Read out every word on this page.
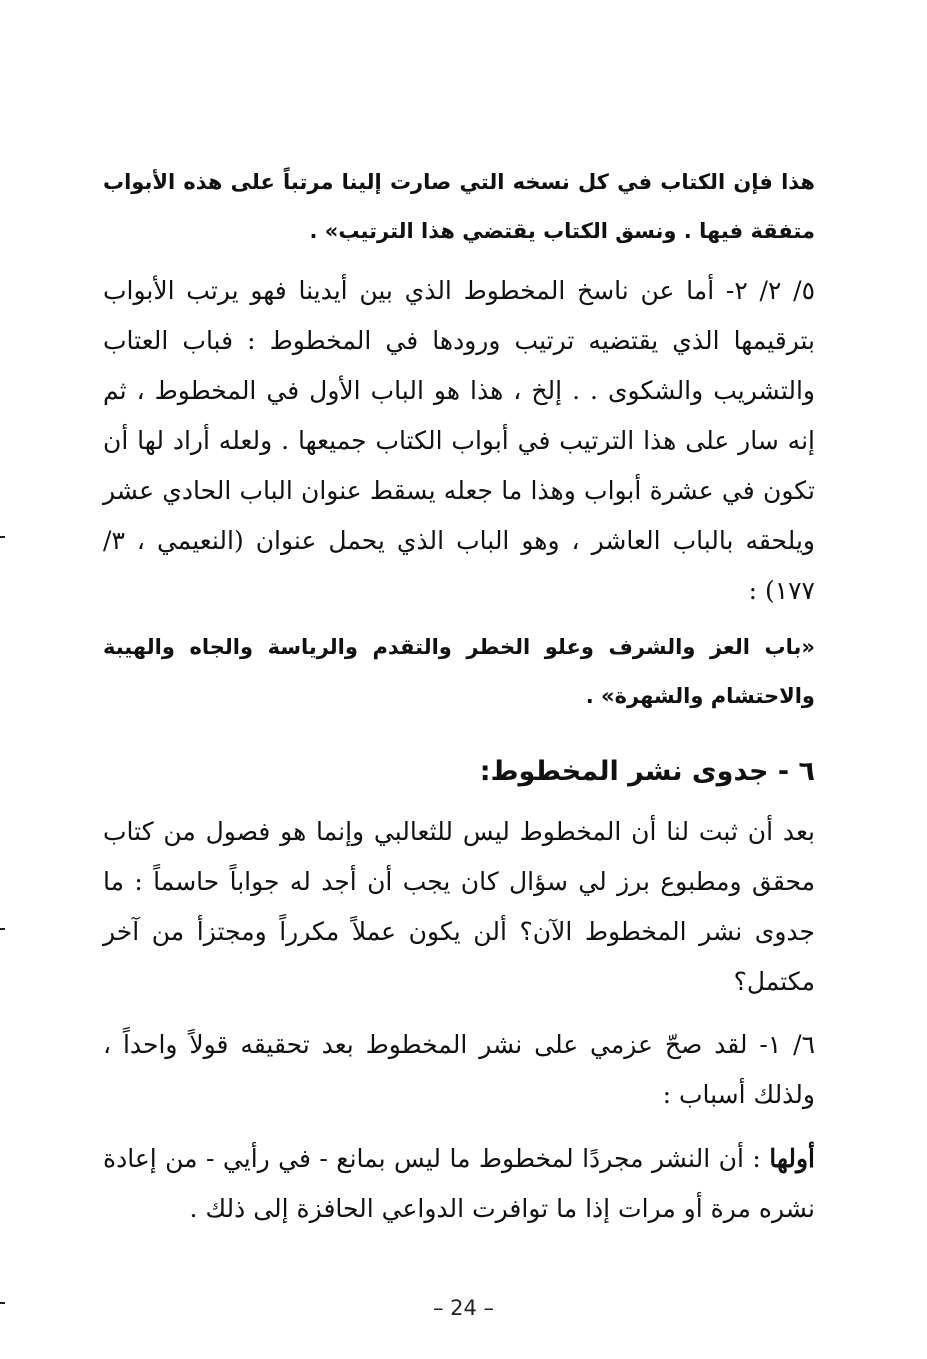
هذا فإن الكتاب في كل نسخه التي صارت إلينا مرتباً على هذه الأبواب متفقة فيها . ونسق الكتاب يقتضي هذا الترتيب» .
٥/ ٢/ ٢- أما عن ناسخ المخطوط الذي بين أيدينا فهو يرتب الأبواب بترقيمها الذي يقتضيه ترتيب ورودها في المخطوط : فباب العتاب والتشريب والشكوى . . إلخ ، هذا هو الباب الأول في المخطوط ، ثم إنه سار على هذا الترتيب في أبواب الكتاب جميعها . ولعله أراد لها أن تكون في عشرة أبواب وهذا ما جعله يسقط عنوان الباب الحادي عشر ويلحقه بالباب العاشر ، وهو الباب الذي يحمل عنوان (النعيمي ، ٣/ ١٧٧) :
«باب العز والشرف وعلو الخطر والتقدم والرياسة والجاه والهيبة والاحتشام والشهرة» .
٦ - جدوى نشر المخطوط:
بعد أن ثبت لنا أن المخطوط ليس للثعالبي وإنما هو فصول من كتاب محقق ومطبوع برز لي سؤال كان يجب أن أجد له جواباً حاسماً : ما جدوى نشر المخطوط الآن؟ ألن يكون عملاً مكرراً ومجتزأ من آخر مكتمل؟
٦/ ١- لقد صحّ عزمي على نشر المخطوط بعد تحقيقه قولاً واحداً ، ولذلك أسباب :
أولها : أن النشر مجردًا لمخطوط ما ليس بمانع - في رأيي - من إعادة نشره مرة أو مرات إذا ما توافرت الدواعي الحافزة إلى ذلك .
– 24 –
